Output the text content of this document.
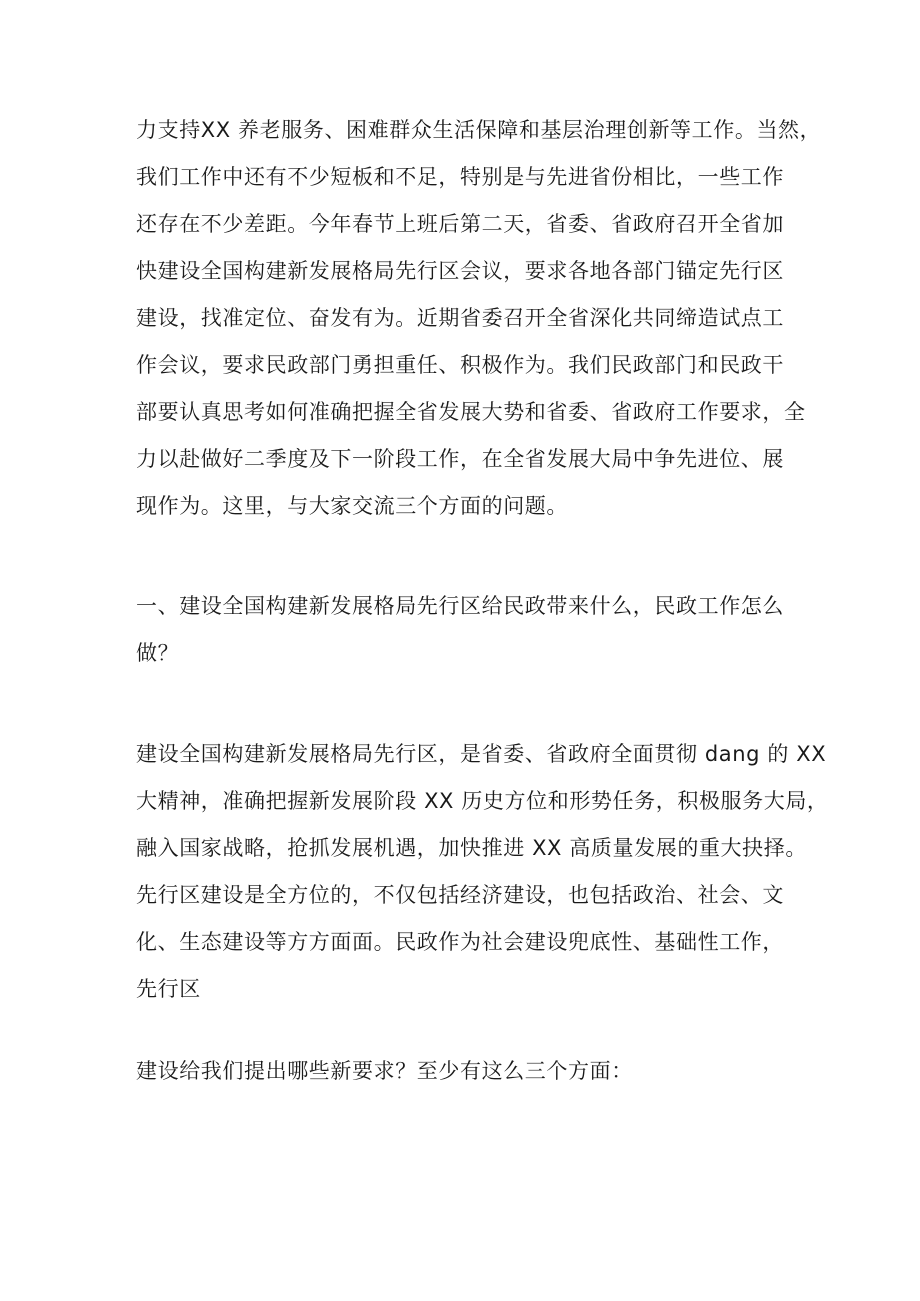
力支持XX 养老服务、困难群众生活保障和基层治理创新等工作。当然，
我们工作中还有不少短板和不足，特别是与先进省份相比，一些工作
还存在不少差距。今年春节上班后第二天，省委、省政府召开全省加
快建设全国构建新发展格局先行区会议，要求各地各部门锚定先行区
建设，找准定位、奋发有为。近期省委召开全省深化共同缔造试点工
作会议，要求民政部门勇担重任、积极作为。我们民政部门和民政干
部要认真思考如何准确把握全省发展大势和省委、省政府工作要求，全
力以赴做好二季度及下一阶段工作，在全省发展大局中争先进位、展
现作为。这里，与大家交流三个方面的问题。
一、建设全国构建新发展格局先行区给民政带来什么，民政工作怎么
做？
建设全国构建新发展格局先行区，是省委、省政府全面贯彻 dang 的 XX
大精神，准确把握新发展阶段 XX 历史方位和形势任务，积极服务大局，
融入国家战略，抢抓发展机遇，加快推进 XX 高质量发展的重大抉择。
先行区建设是全方位的，不仅包括经济建设，也包括政治、社会、文
化、生态建设等方方面面。民政作为社会建设兜底性、基础性工作，
先行区
建设给我们提出哪些新要求？至少有这么三个方面：
